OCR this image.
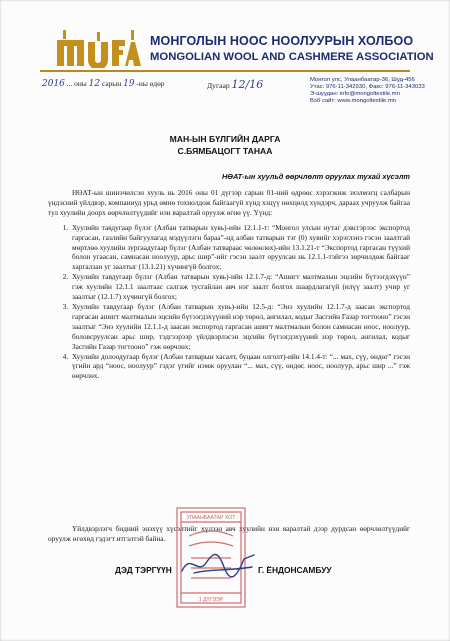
МОНГОЛЫН НООС НООЛУУРЫН ХОЛБОО
MONGOLIAN WOOL AND CASHMERE ASSOCIATION
2016 ... оны 12 сарын 19 -ны өдөр	Дугаар 12/16	Монгол улс, Улаанбаатар-36, Шуд-456
Утас: 976-11-342930, Факс: 976-11-343033
Э-шуудан: info@mongoltextile.mn
Вэб сайт: www.mongoltextile.mn
МАН-ЫН БҮЛГИЙН ДАРГА
С.БЯМБАЦОГТ ТАНАА
НӨАТ-ын хуульд өөрчлөлт оруулах тухай хүсэлт

НӨАТ-ын шинэчилсэн хууль нь 2016 оны 01 дүгээр сарын 01-ний өдрөөс хэрэгжиж эхэлмэгц салбарын үндэсний үйлдвэр, компаниуд урьд өмнө тохиолдож байгаагүй хүнд хэцүү нөхцөлд хүндэрч, дараах учруулж байгаа тул хуулийн доорх өөрчлөлтүүдийг нэн яаралтай оруулж өгнө үү. Үүнд:

1. Хуулийн тавдугаар бүлэг (Албан татварын хувь)-ийн 12.1.1-т: “Монгол улсын нутаг дэвсгэрээс экспортод гаргасан, газлийн байгуулагад мэдүүлэгн бараа”-нд албан татварын тэг (0) хувийг хэрэглэнэ гэсэн заалтгай мөртлөө хуулийн зургаадугаар бүлэг (Албан татвараас чөлөөлөх)-ийн 13.1.21-т “Экспортод гаргасан түүхий болон угаасан, самнасан ноолуур, арьс шир”-ийг гэсэн заалт оруулсан нь 12.1.1-тэйгээ зөрчилдөж байгааг харгалзан уг заалтыг (13.1.21) хүчингүй болгох;
2. Хуулийн тавдугаар бүлэг (Албан татварын хувь)-ийн 12.1.7-д: “Ашигт малтмалын эцсийн бүтээгдэхүүн” гэж хуулийн 12.1.1 заалтаас салгаж тусгайлан авч нэг заалт болгох шаардлагагүй (илүү заалт) учир уг заалтыг (12.1.7) хүчингүй болгох;
3. Хуулийн тавдугаар бүлэг (Албан татварын хувь)-ийн 12.5-д: “Энэ хуулийн 12.1.7-д заасан экспортод гаргасан ашигт малтмалын эцсийн бүтээгдэхүүний нэр төрөл, ангилал, кодыг Засгийн Газар тогтооно” гэсэн заалтыг “Энэ хуулийн 12.1.1-д заасан экспортод гаргасан ашигт малтмалын болон самнасан ноос, ноолуур, боловсруулсан арьс шир, тэдгээрээр үйлдвэрлэсэн эцсийн бүтээгдэхүүний нэр төрөл, ангилал, кодыг Засгийн Газар тогтооно” гэж өөрчлөх;
4. Хуулийн долоодугаар бүлэг (Албан татварын хасалт, буцаан олголт)-ийн 14.1.4-т: “... мах, сүү, өндөг” гэсэн үгийн ард “ноос, ноолуур” гэдэг үгийг нэмж оруулан “... мах, сүү, өндөг, ноос, ноолуур, арьс шир ...” гэж өөрчлөх.
Үйлдвэрлэгч бидний энэхүү хүсэлтийг хүлээн авч хуулийн нэн яаралтай дээр дурдсан өөрчлөлтүүдийг оруулж өгөхөд гэдэгт итгэлтэй байна.
УЛААНБААТАР ХОТ
1 ДҮГЭЭР
ДЭД ТЭРГҮҮН	Г. ЁНДОНСАМБУУ
